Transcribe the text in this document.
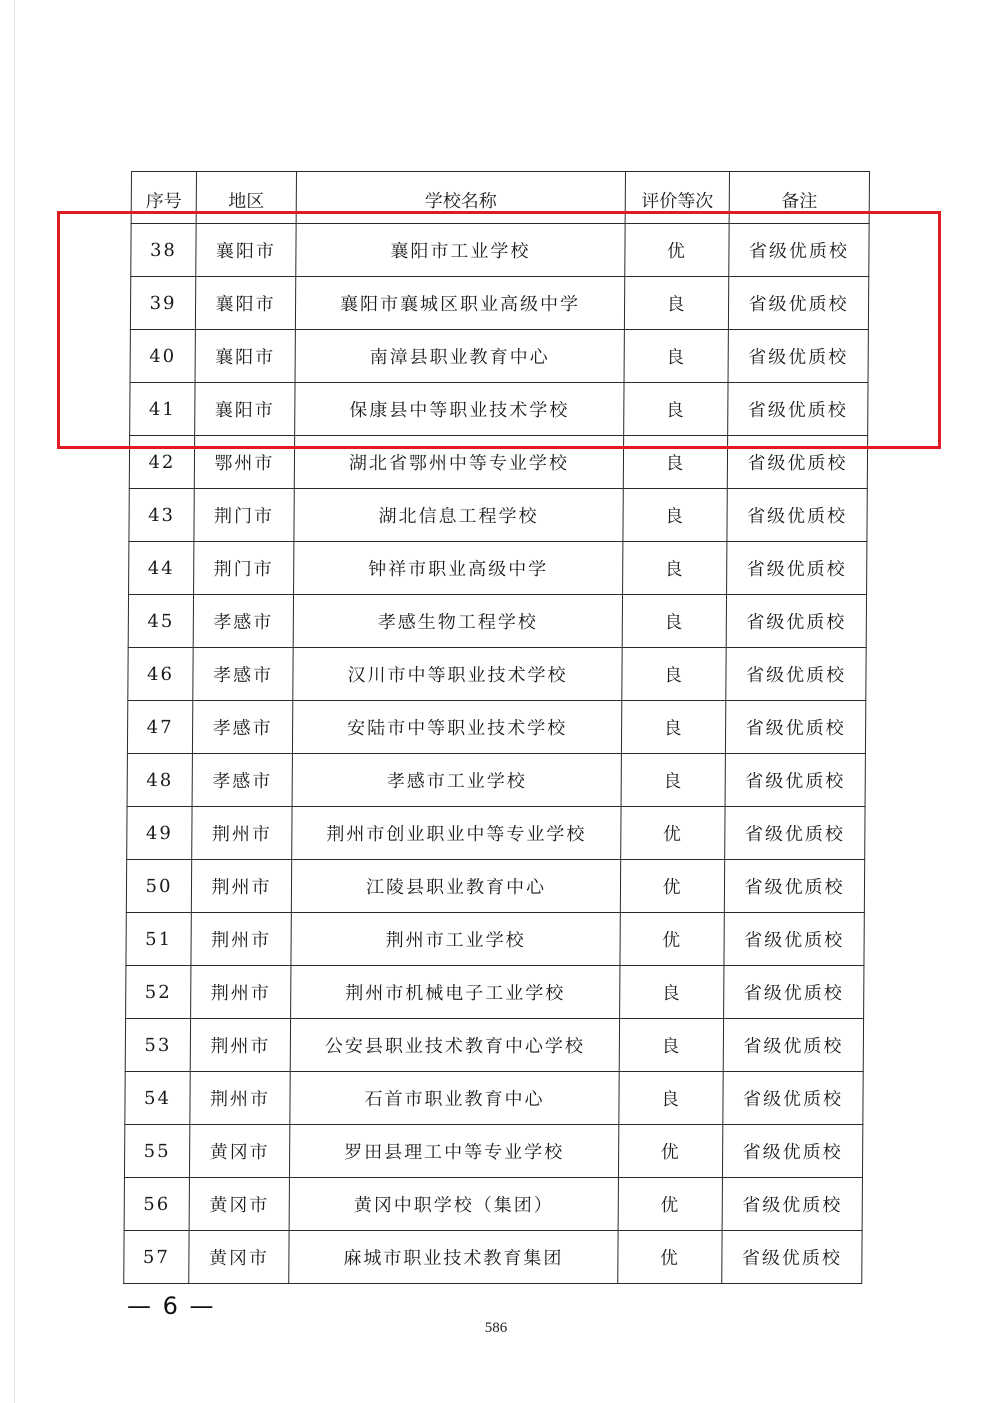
序号	地区	学校名称	评价等次	备注
38	襄阳市	襄阳市工业学校	优	省级优质校
39	襄阳市	襄阳市襄城区职业高级中学	良	省级优质校
40	襄阳市	南漳县职业教育中心	良	省级优质校
41	襄阳市	保康县中等职业技术学校	良	省级优质校
42	鄂州市	湖北省鄂州中等专业学校	良	省级优质校
43	荆门市	湖北信息工程学校	良	省级优质校
44	荆门市	钟祥市职业高级中学	良	省级优质校
45	孝感市	孝感生物工程学校	良	省级优质校
46	孝感市	汉川市中等职业技术学校	良	省级优质校
47	孝感市	安陆市中等职业技术学校	良	省级优质校
48	孝感市	孝感市工业学校	良	省级优质校
49	荆州市	荆州市创业职业中等专业学校	优	省级优质校
50	荆州市	江陵县职业教育中心	优	省级优质校
51	荆州市	荆州市工业学校	优	省级优质校
52	荆州市	荆州市机械电子工业学校	良	省级优质校
53	荆州市	公安县职业技术教育中心学校	良	省级优质校
54	荆州市	石首市职业教育中心	良	省级优质校
55	黄冈市	罗田县理工中等专业学校	优	省级优质校
56	黄冈市	黄冈中职学校（集团）	优	省级优质校
57	黄冈市	麻城市职业技术教育集团	优	省级优质校
— 6 —
586
